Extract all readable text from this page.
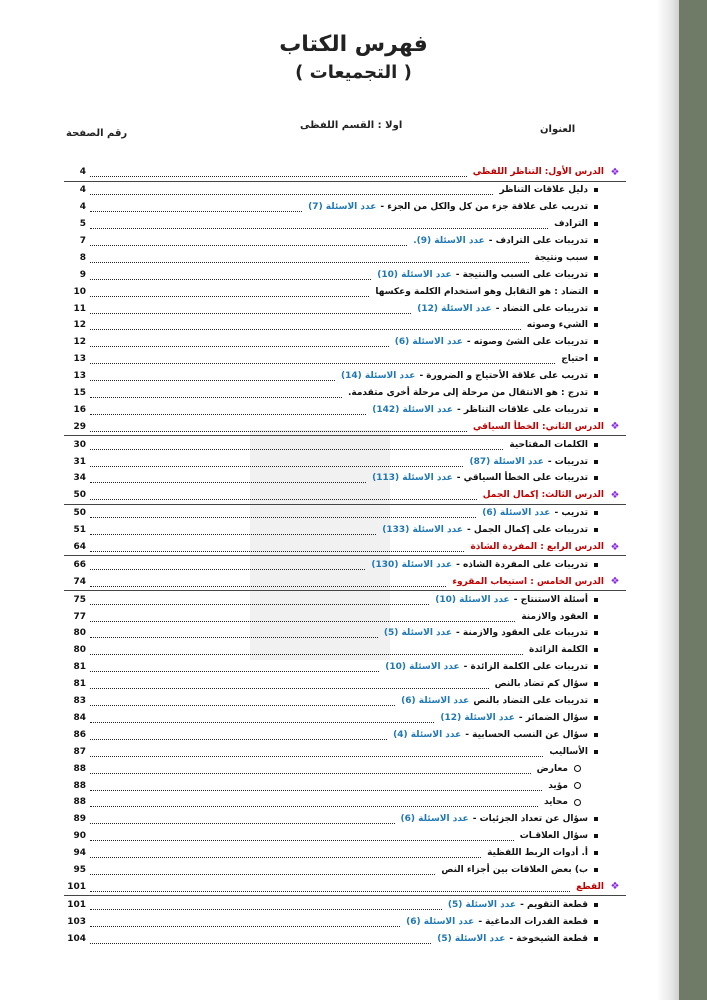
فهرس الكتاب
( التجميعات )
اولا : القسم اللفظى	العنوان
رقم الصفحة
❖
الدرس الأول: التناظر اللفظي
4
دليل علاقات التناظر
4
تدريب على علاقة جزء من كل والكل من الجزء -
عدد الاسئلة (7)
4
الترادف
5
تدريبات على الترادف -
عدد الاسئلة (9).
7
سبب ونتيجة
8
تدريبات على السبب والنتيجة -
عدد الاسئلة (10)
9
التضاد : هو التقابل وهو استخدام الكلمة وعكسها
10
تدريبات على التضاد -
عدد الاسئلة (12)
11
الشيء وصوته
12
تدريبات على الشئ وصوته -
عدد الاسئلة (6)
12
احتياج
13
تدريب على علاقة الأحتياج و الضرورة -
عدد الاسئلة (14)
13
تدرج : هو الانتقال من مرحلة إلى مرحلة أخرى متقدمة.
15
تدريبات على علاقات التناظر -
عدد الاسئلة (142)
16
❖
الدرس الثاني: الخطأ السياقي
29
الكلمات المفتاحية
30
تدريبات -
عدد الاسئلة (87)
31
تدريبات على الخطأ السياقي -
عدد الاسئلة (113)
34
❖
الدرس الثالث: إكمال الجمل
50
تدريب -
عدد الاسئلة (6)
50
تدريبات على إكمال الجمل -
عدد الاسئلة (133)
51
❖
الدرس الرابع : المفردة الشاذة
64
تدريبات على المفردة الشاذه -
عدد الاسئلة (130)
66
❖
الدرس الخامس : استيعاب المقروء
74
أسئلة الاستنتاج -
عدد الاسئلة (10)
75
العقود والازمنة
77
تدريبات على العقود والازمنة -
عدد الاسئلة (5)
80
الكلمة الزائدة
80
تدريبات على الكلمة الزائدة -
عدد الاسئلة (10)
81
سؤال كم تضاد بالنص
81
تدريبات على التضاد بالنص
عدد الاسئلة (6)
83
سؤال الضمائر -
عدد الاسئلة (12)
84
سؤال عن النسب الحسابية -
عدد الاسئلة (4)
86
الأساليب
87
معارض
88
مؤيد
88
محايد
88
سؤال عن تعداد الجزئيات -
عدد الاسئلة (6)
89
سؤال العلاقـات
90
أ. أدوات الربط اللفظية
94
ب) بعض العلاقات بين أجزاء النص
95
❖
القطع
101
قطعة التقويم -
عدد الاسئلة (5)
101
قطعة القدرات الدماغية -
عدد الاسئلة (6)
103
قطعة الشيخوخة -
عدد الاسئلة (5)
104
